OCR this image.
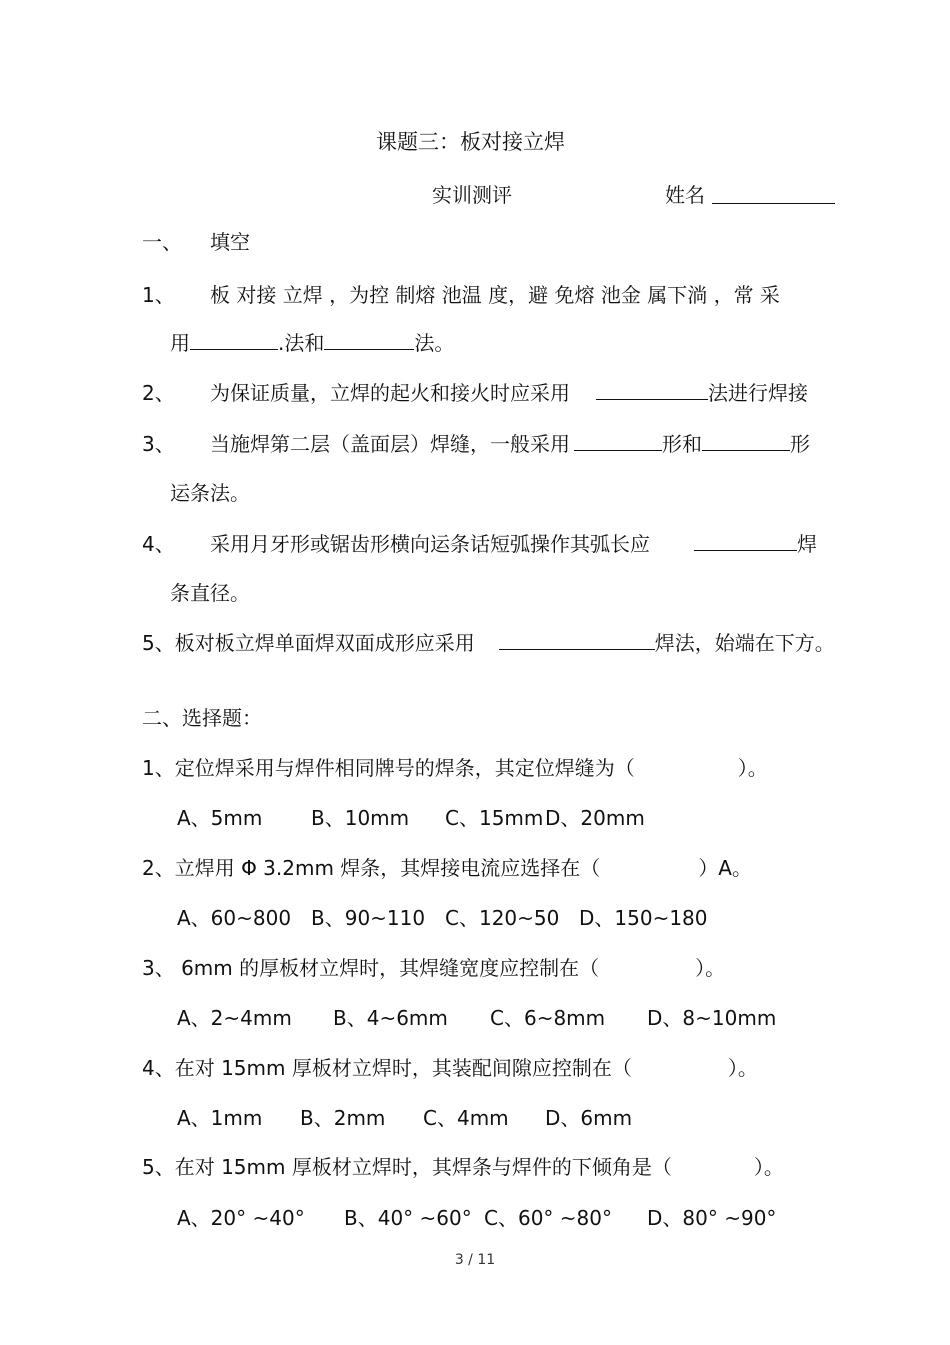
课题三：板对接立焊
实训测评	姓名
一、 填空
1、 板 对接 立焊 ，为控 制熔 池温 度，避 免熔 池金 属下淌 ，常 采
用	.法和	法。
2、 为保证质量，立焊的起火和接火时应采用	法进行焊接
3、 当施焊第二层（盖面层）焊缝，一般采用	形和	形
运条法。
4、 采用月牙形或锯齿形横向运条话短弧操作其弧长应	焊
条直径。
5、板对板立焊单面焊双面成形应采用	焊法，始端在下方。
二、选择题：
1、定位焊采用与焊件相同牌号的焊条，其定位焊缝为（	）。
A、5mm B、10mm C、15mm D、20mm
2、立焊用 Φ 3.2mm 焊条，其焊接电流应选择在（	）A。
A、60~800 B、90~110 C、120~50 D、150~180
3、 6mm 的厚板材立焊时，其焊缝宽度应控制在（	）。
A、2~4mm B、4~6mm C、6~8mm D、8~10mm
4、在对 15mm 厚板材立焊时，其装配间隙应控制在（	）。
A、1mm B、2mm C、4mm D、6mm
5、在对 15mm 厚板材立焊时，其焊条与焊件的下倾角是（	）。
A、20° ~40° B、40° ~60° C、60° ~80° D、80° ~90°
3 / 11
